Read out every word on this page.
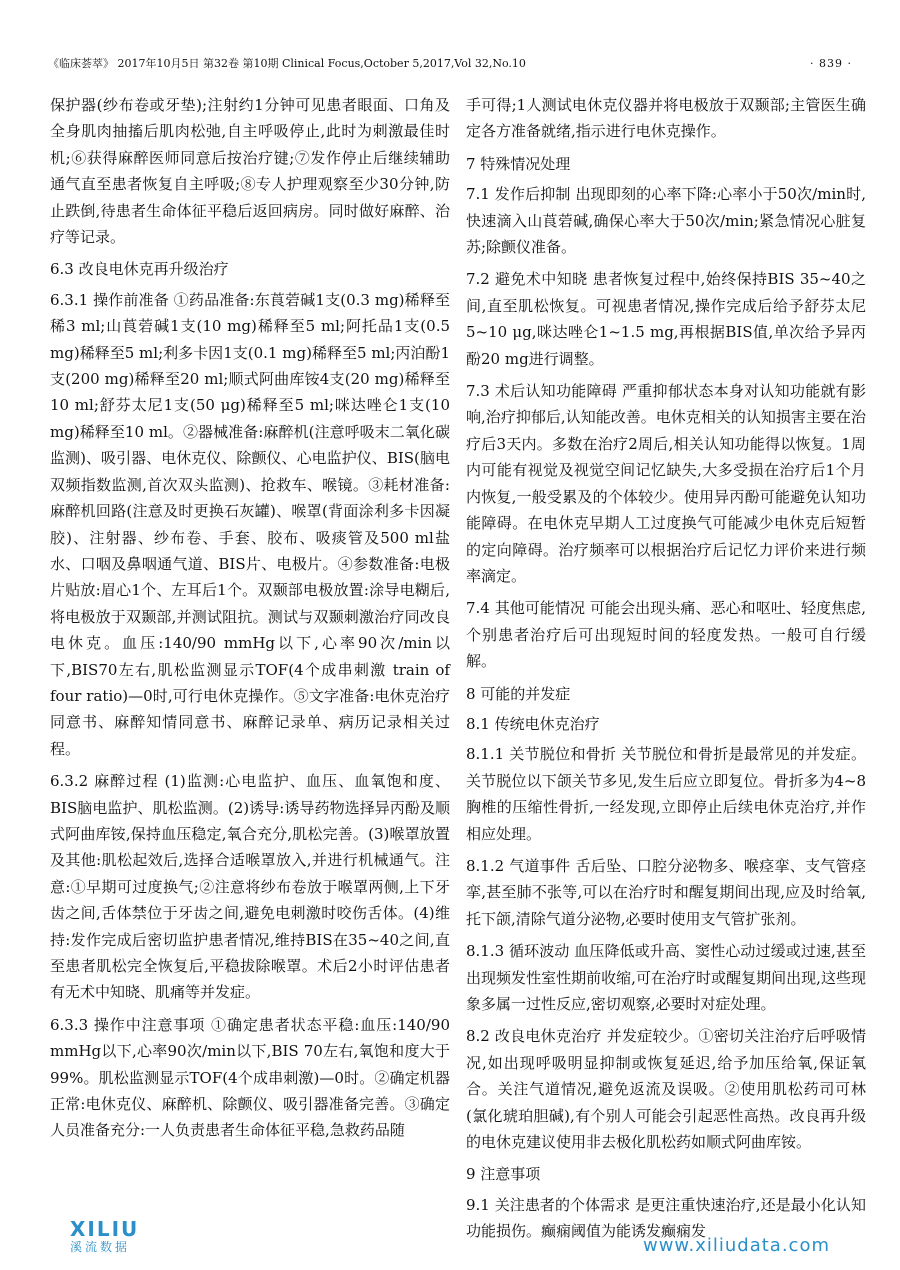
《临床荟萃》 2017年10月5日 第32卷 第10期 Clinical Focus,October 5,2017,Vol 32,No.10	· 839 ·

保护器(纱布卷或牙垫);注射约1分钟可见患者眼面、口角及全身肌肉抽搐后肌肉松弛,自主呼吸停止,此时为刺激最佳时机;⑥获得麻醉医师同意后按治疗键;⑦发作停止后继续辅助通气直至患者恢复自主呼吸;⑧专人护理观察至少30分钟,防止跌倒,待患者生命体征平稳后返回病房。同时做好麻醉、治疗等记录。

6.3 改良电休克再升级治疗

6.3.1 操作前准备 ①药品准备:东莨菪碱1支(0.3 mg)稀释至稀3 ml;山莨菪碱1支(10 mg)稀释至5 ml;阿托品1支(0.5 mg)稀释至5 ml;利多卡因1支(0.1 mg)稀释至5 ml;丙泊酚1支(200 mg)稀释至20 ml;顺式阿曲库铵4支(20 mg)稀释至10 ml;舒芬太尼1支(50 μg)稀释至5 ml;咪达唑仑1支(10 mg)稀释至10 ml。②器械准备:麻醉机(注意呼吸末二氧化碳监测)、吸引器、电休克仪、除颤仪、心电监护仪、BIS(脑电双频指数监测,首次双头监测)、抢救车、喉镜。③耗材准备:麻醉机回路(注意及时更换石灰罐)、喉罩(背面涂利多卡因凝胶)、注射器、纱布卷、手套、胶布、吸痰管及500 ml盐水、口咽及鼻咽通气道、BIS片、电极片。④参数准备:电极片贴放:眉心1个、左耳后1个。双颞部电极放置:涂导电糊后,将电极放于双颞部,并测试阻抗。测试与双颞刺激治疗同改良电休克。血压:140/90 mmHg以下,心率90次/min以下,BIS70左右,肌松监测显示TOF(4个成串刺激 train of four ratio)—0时,可行电休克操作。⑤文字准备:电休克治疗同意书、麻醉知情同意书、麻醉记录单、病历记录相关过程。

6.3.2 麻醉过程 (1)监测:心电监护、血压、血氧饱和度、BIS脑电监护、肌松监测。(2)诱导:诱导药物选择异丙酚及顺式阿曲库铵,保持血压稳定,氧合充分,肌松完善。(3)喉罩放置及其他:肌松起效后,选择合适喉罩放入,并进行机械通气。注意:①早期可过度换气;②注意将纱布卷放于喉罩两侧,上下牙齿之间,舌体禁位于牙齿之间,避免电刺激时咬伤舌体。(4)维持:发作完成后密切监护患者情况,维持BIS在35~40之间,直至患者肌松完全恢复后,平稳拔除喉罩。术后2小时评估患者有无术中知晓、肌痛等并发症。

6.3.3 操作中注意事项 ①确定患者状态平稳:血压:140/90 mmHg以下,心率90次/min以下,BIS 70左右,氧饱和度大于99%。肌松监测显示TOF(4个成串刺激)—0时。②确定机器正常:电休克仪、麻醉机、除颤仪、吸引器准备完善。③确定人员准备充分:一人负责患者生命体征平稳,急救药品随

手可得;1人测试电休克仪器并将电极放于双颞部;主管医生确定各方准备就绪,指示进行电休克操作。

7 特殊情况处理

7.1 发作后抑制 出现即刻的心率下降:心率小于50次/min时,快速滴入山莨菪碱,确保心率大于50次/min;紧急情况心脏复苏;除颤仪准备。

7.2 避免术中知晓 患者恢复过程中,始终保持BIS 35~40之间,直至肌松恢复。可视患者情况,操作完成后给予舒芬太尼5~10 μg,咪达唑仑1~1.5 mg,再根据BIS值,单次给予异丙酚20 mg进行调整。

7.3 术后认知功能障碍 严重抑郁状态本身对认知功能就有影响,治疗抑郁后,认知能改善。电休克相关的认知损害主要在治疗后3天内。多数在治疗2周后,相关认知功能得以恢复。1周内可能有视觉及视觉空间记忆缺失,大多受损在治疗后1个月内恢复,一般受累及的个体较少。使用异丙酚可能避免认知功能障碍。在电休克早期人工过度换气可能减少电休克后短暂的定向障碍。治疗频率可以根据治疗后记忆力评价来进行频率滴定。

7.4 其他可能情况 可能会出现头痛、恶心和呕吐、轻度焦虑,个别患者治疗后可出现短时间的轻度发热。一般可自行缓解。

8 可能的并发症

8.1 传统电休克治疗

8.1.1 关节脱位和骨折 关节脱位和骨折是最常见的并发症。关节脱位以下颌关节多见,发生后应立即复位。骨折多为4~8胸椎的压缩性骨折,一经发现,立即停止后续电休克治疗,并作相应处理。

8.1.2 气道事件 舌后坠、口腔分泌物多、喉痉挛、支气管痉挛,甚至肺不张等,可以在治疗时和醒复期间出现,应及时给氧,托下颌,清除气道分泌物,必要时使用支气管扩张剂。

8.1.3 循环波动 血压降低或升高、窦性心动过缓或过速,甚至出现频发性室性期前收缩,可在治疗时或醒复期间出现,这些现象多属一过性反应,密切观察,必要时对症处理。

8.2 改良电休克治疗 并发症较少。①密切关注治疗后呼吸情况,如出现呼吸明显抑制或恢复延迟,给予加压给氧,保证氧合。关注气道情况,避免返流及误吸。②使用肌松药司可林(氯化琥珀胆碱),有个别人可能会引起恶性高热。改良再升级的电休克建议使用非去极化肌松药如顺式阿曲库铵。

9 注意事项

9.1 关注患者的个体需求 是更注重快速治疗,还是最小化认知功能损伤。癫痫阈值为能诱发癫痫发

XILIU
溪流数据	www.xiliudata.com
